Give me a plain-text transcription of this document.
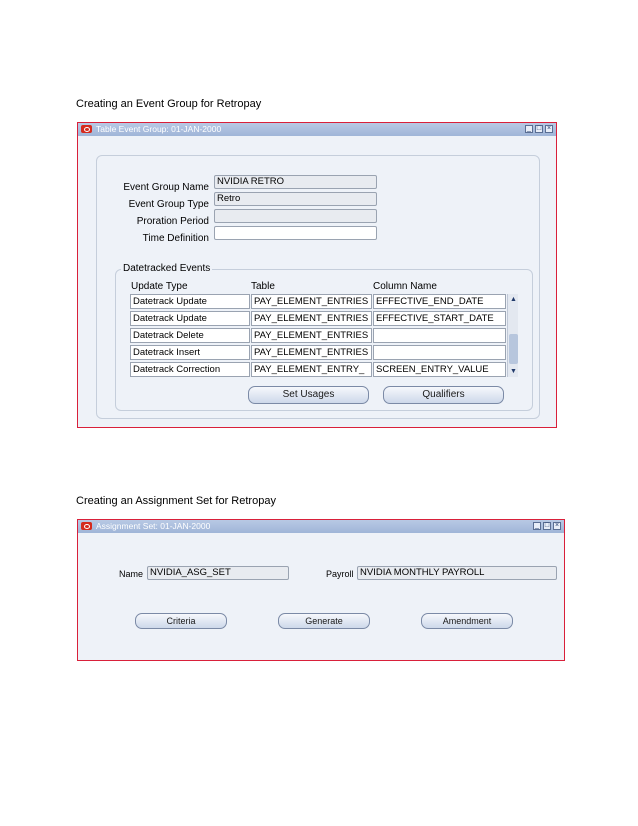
Creating an Event Group for Retropay
Table Event Group: 01-JAN-2000	_ □ ×
Event Group Name
NVIDIA RETRO
Event Group Type
Retro
Proration Period
Time Definition
Datetracked Events
Update Type	Table	Column Name
Datetrack Update	PAY_ELEMENT_ENTRIES EFFECTIVE_END_DATE
Datetrack Update	PAY_ELEMENT_ENTRIES EFFECTIVE_START_DATE
Datetrack Delete	PAY_ELEMENT_ENTRIES
Datetrack Insert	PAY_ELEMENT_ENTRIES
Datetrack Correction	PAY_ELEMENT_ENTRY_	SCREEN_ENTRY_VALUE
▲
▼
Set Usages	Qualifiers
Creating an Assignment Set for Retropay
Assignment Set: 01-JAN-2000	_ □ ×
Name NVIDIA_ASG_SET	Payroll NVIDIA MONTHLY PAYROLL
Criteria	Generate	Amendment
